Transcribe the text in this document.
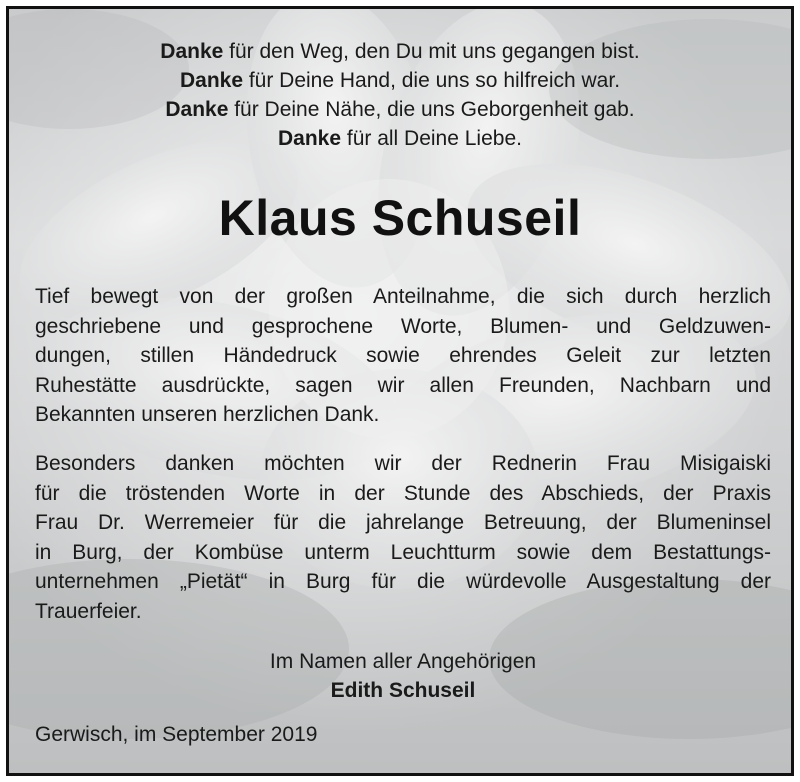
Danke für den Weg, den Du mit uns gegangen bist.
Danke für Deine Hand, die uns so hilfreich war.
Danke für Deine Nähe, die uns Geborgenheit gab.
Danke für all Deine Liebe.
Klaus Schuseil

Tief bewegt von der großen Anteilnahme, die sich durch herzlich
geschriebene und gesprochene Worte, Blumen- und Geldzuwen-
dungen, stillen Händedruck sowie ehrendes Geleit zur letzten
Ruhestätte ausdrückte, sagen wir allen Freunden, Nachbarn und
Bekannten unseren herzlichen Dank.

Besonders danken möchten wir der Rednerin Frau Misigaiski
für die tröstenden Worte in der Stunde des Abschieds, der Praxis
Frau Dr. Werremeier für die jahrelange Betreuung, der Blumeninsel
in Burg, der Kombüse unterm Leuchtturm sowie dem Bestattungs-
unternehmen „Pietät“ in Burg für die würdevolle Ausgestaltung der
Trauerfeier.

Im Namen aller Angehörigen
Edith Schuseil
Gerwisch, im September 2019
